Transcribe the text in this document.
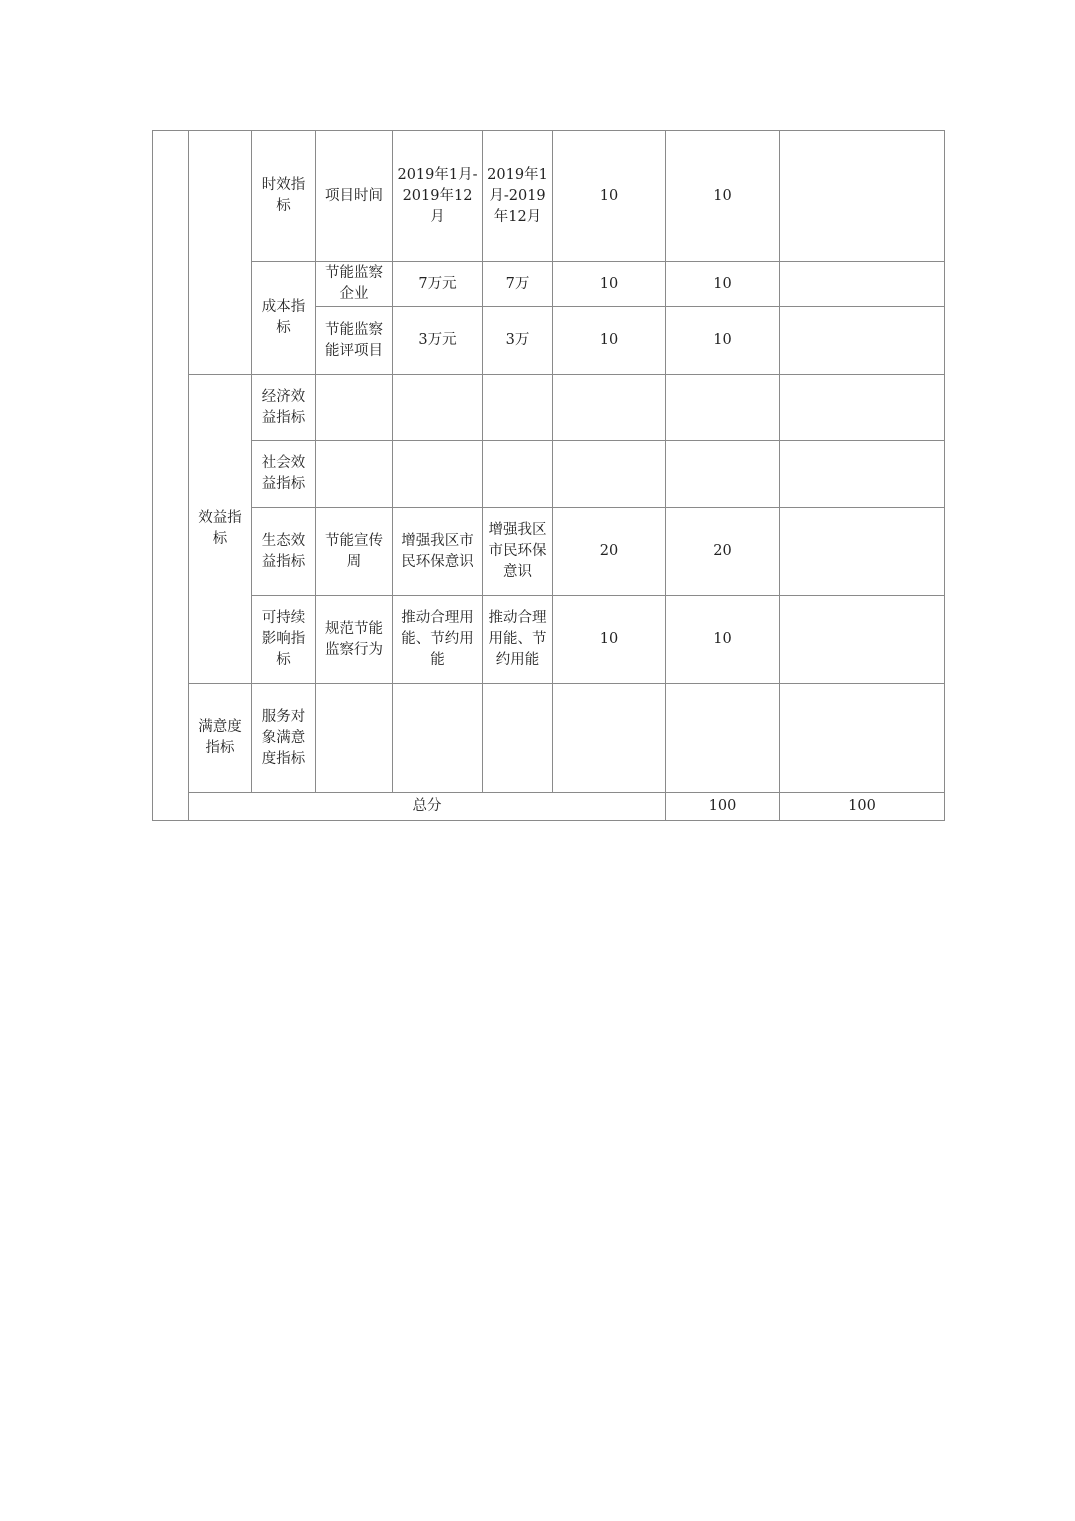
		时效指标	项目时间	2019年1月-2019年12月	2019年1月-2019年12月	10	10		
		成本指标	节能监察企业	7万元	7万	10	10		
			节能监察能评项目	3万元	3万	10	10		
	效益指标	经济效益指标							
		社会效益指标							
		生态效益指标	节能宣传周	增强我区市民环保意识	增强我区市民环保意识	20	20		
		可持续影响指标	规范节能监察行为	推动合理用能、节约用能	推动合理用能、节约用能	10	10		
	满意度指标	服务对象满意度指标							
	总分						100	100	
